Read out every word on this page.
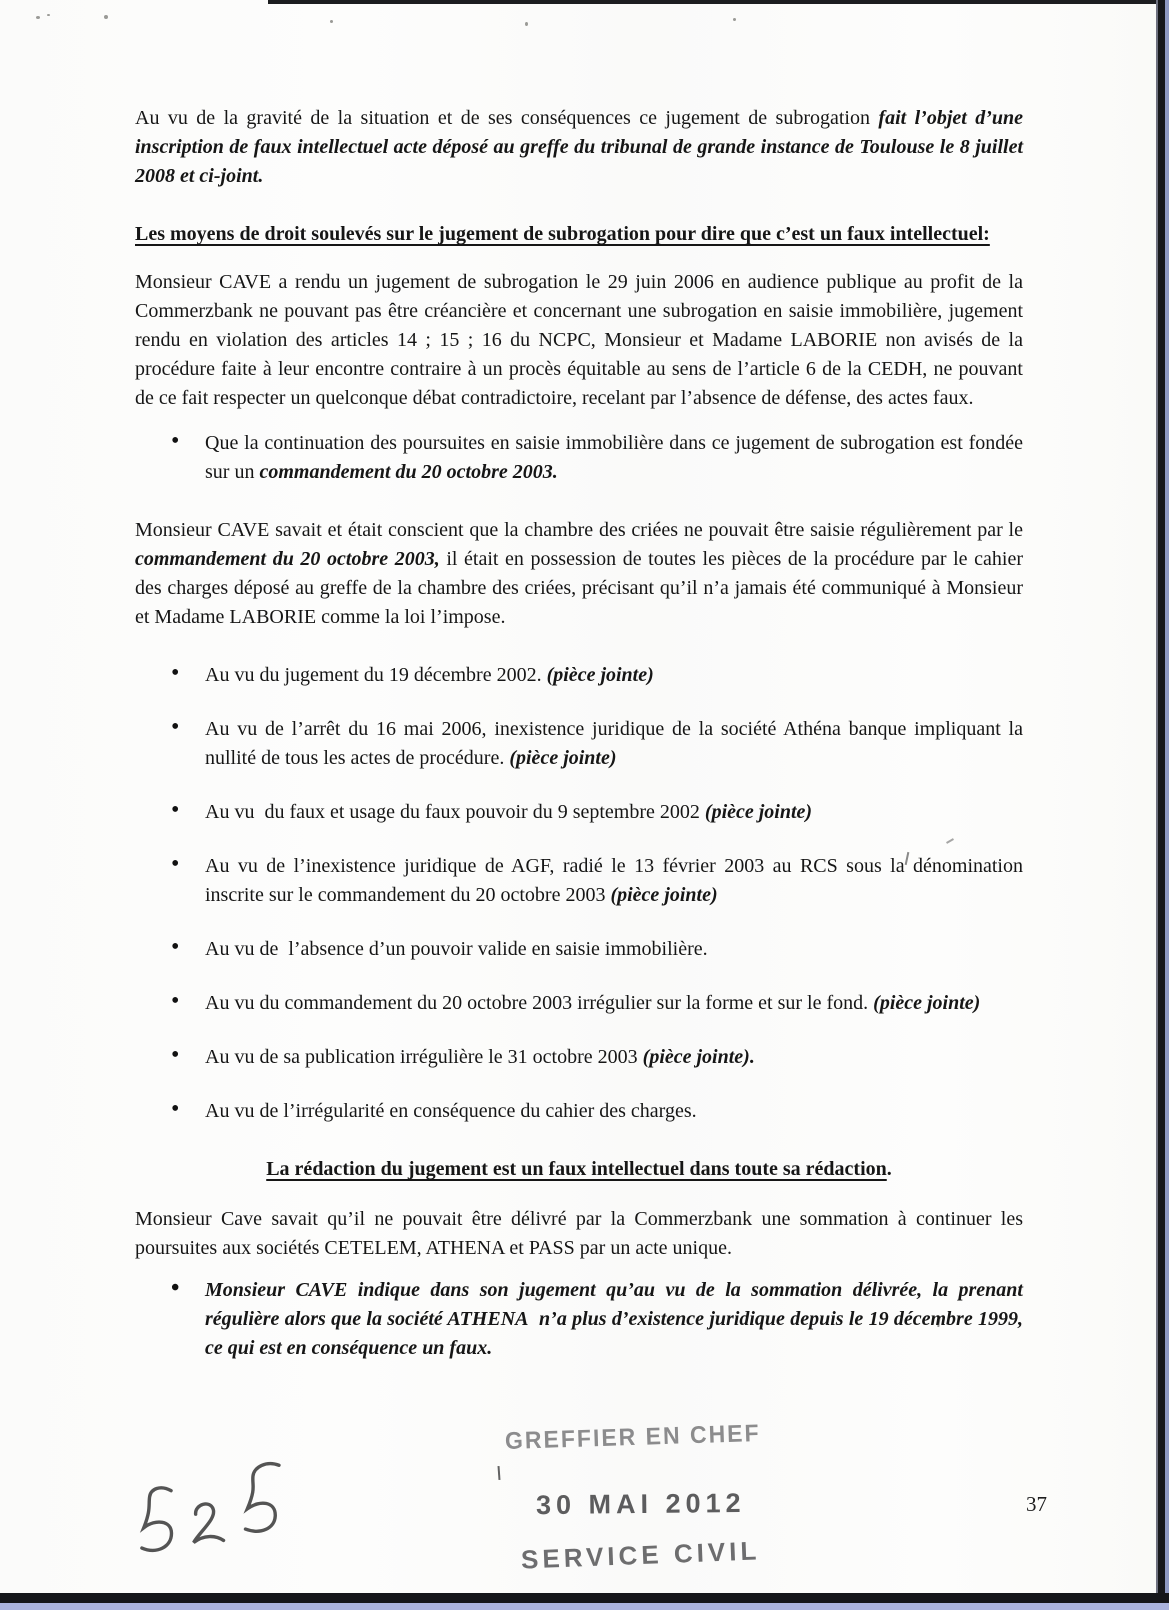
Au vu de la gravité de la situation et de ses conséquences ce jugement de subrogation fait l’objet d’une inscription de faux intellectuel acte déposé au greffe du tribunal de grande instance de Toulouse le 8 juillet 2008 et ci-joint.

Les moyens de droit soulevés sur le jugement de subrogation pour dire que c’est un faux intellectuel:

Monsieur CAVE a rendu un jugement de subrogation le 29 juin 2006 en audience publique au profit de la Commerzbank ne pouvant pas être créancière et concernant une subrogation en saisie immobilière, jugement rendu en violation des articles 14 ; 15 ; 16 du NCPC, Monsieur et Madame LABORIE non avisés de la procédure faite à leur encontre contraire à un procès équitable au sens de l’article 6 de la CEDH, ne pouvant de ce fait respecter un quelconque débat contradictoire, recelant par l’absence de défense, des actes faux.

• Que la continuation des poursuites en saisie immobilière dans ce jugement de subrogation est fondée sur un commandement du 20 octobre 2003.

Monsieur CAVE savait et était conscient que la chambre des criées ne pouvait être saisie régulièrement par le commandement du 20 octobre 2003, il était en possession de toutes les pièces de la procédure par le cahier des charges déposé au greffe de la chambre des criées, précisant qu’il n’a jamais été communiqué à Monsieur et Madame LABORIE comme la loi l’impose.

• Au vu du jugement du 19 décembre 2002. (pièce jointe)
• Au vu de l’arrêt du 16 mai 2006, inexistence juridique de la société Athéna banque impliquant la nullité de tous les actes de procédure. (pièce jointe)
• Au vu  du faux et usage du faux pouvoir du 9 septembre 2002 (pièce jointe)
• Au vu de l’inexistence juridique de AGF, radié le 13 février 2003 au RCS sous la dénomination inscrite sur le commandement du 20 octobre 2003 (pièce jointe)
• Au vu de  l’absence d’un pouvoir valide en saisie immobilière.
• Au vu du commandement du 20 octobre 2003 irrégulier sur la forme et sur le fond. (pièce jointe)
• Au vu de sa publication irrégulière le 31 octobre 2003 (pièce jointe).
• Au vu de l’irrégularité en conséquence du cahier des charges.
La rédaction du jugement est un faux intellectuel dans toute sa rédaction.

Monsieur Cave savait qu’il ne pouvait être délivré par la Commerzbank une sommation à continuer les poursuites aux sociétés CETELEM, ATHENA et PASS par un acte unique.

• Monsieur CAVE indique dans son jugement qu’au vu de la sommation délivrée, la prenant régulière alors que la société ATHENA  n’a plus d’existence juridique depuis le 19 décembre 1999, ce qui est en conséquence un faux.
GREFFIER EN CHEF
30 MAI 2012
SERVICE CIVIL
37
